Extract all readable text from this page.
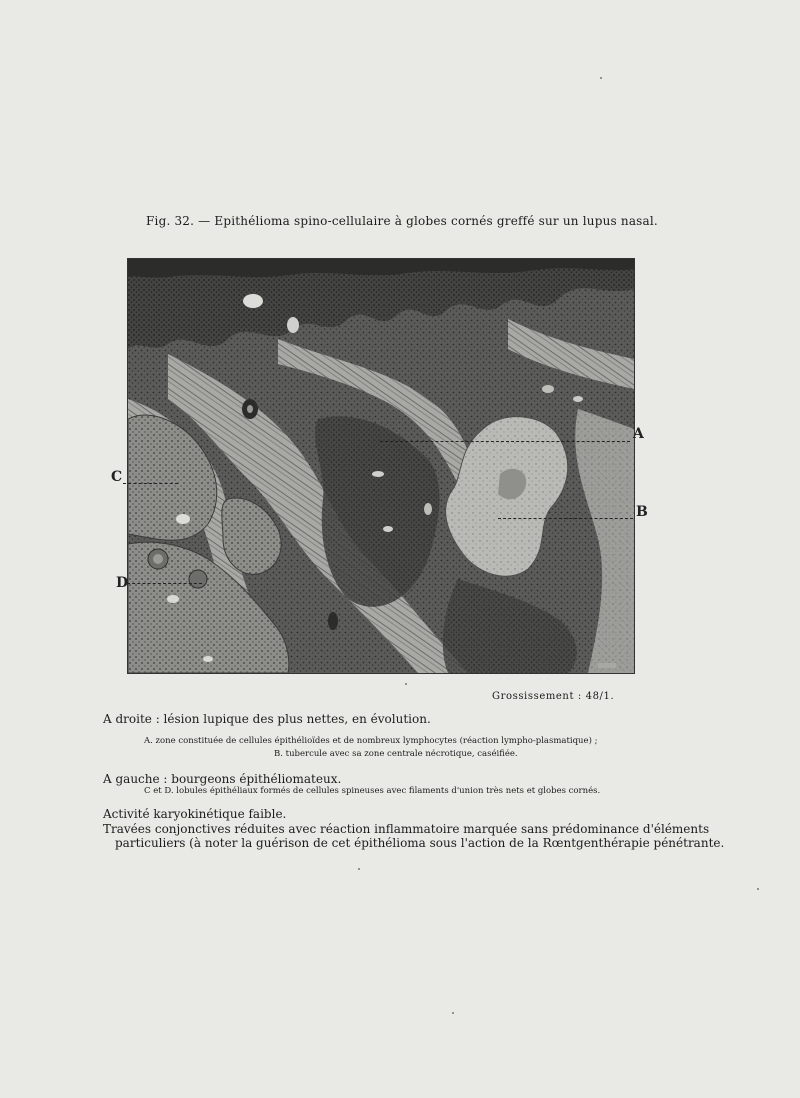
Fig. 32. — Epithélioma spino-cellulaire à globes cornés greffé sur un lupus nasal.
A
B
C
D
Grossissement : 48/1.
A droite : lésion lupique des plus nettes, en évolution.
A. zone constituée de cellules épithélioïdes et de nombreux lymphocytes (réaction lympho-plasmatique) ;
B. tubercule avec sa zone centrale nécrotique, caséifiée.
A gauche : bourgeons épithéliomateux.
C et D. lobules épithéliaux formés de cellules spineuses avec filaments d'union très nets et globes cornés.
Activité karyokinétique faible.
Travées conjonctives réduites avec réaction inflammatoire marquée sans prédominance d'éléments
particuliers (à noter la guérison de cet épithélioma sous l'action de la Rœntgenthérapie pénétrante.
